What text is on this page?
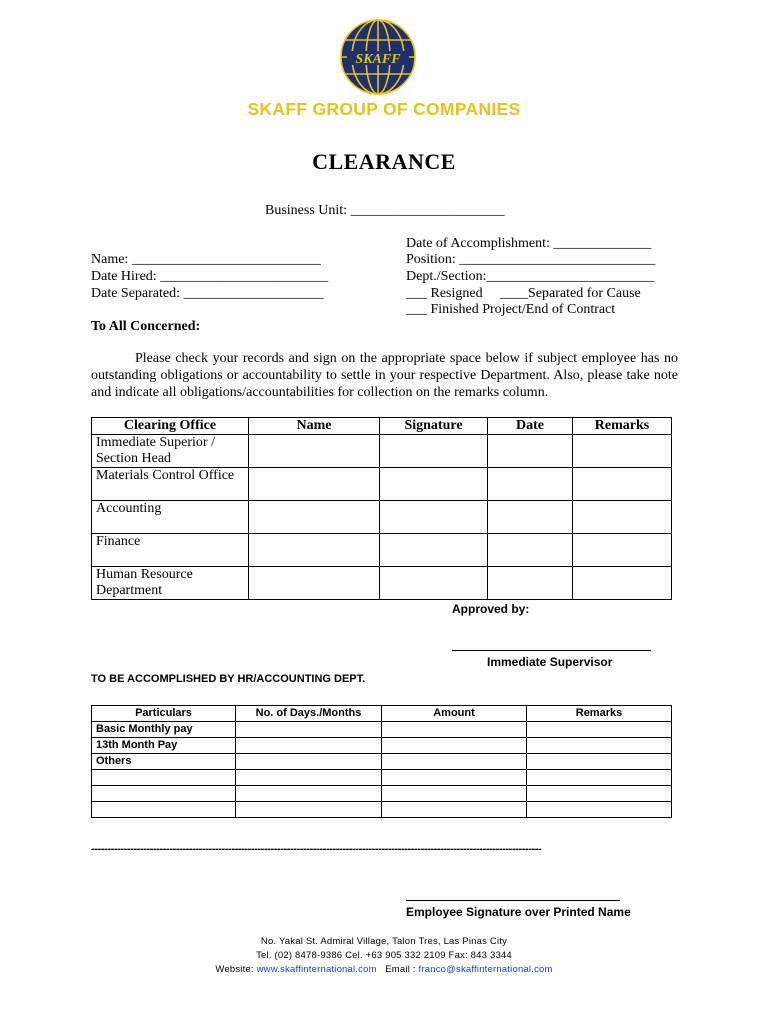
SKAFF
SKAFF GROUP OF COMPANIES
CLEARANCE
Business Unit: ______________________
Date of Accomplishment: ______________
Name: ___________________________	Position: ____________________________
Date Hired: ________________________	Dept./Section:________________________
Date Separated: ____________________	___ Resigned ____Separated for Cause
___ Finished Project/End of Contract
To All Concerned:
Please check your records and sign on the appropriate space below if subject employee has no outstanding obligations or accountability to settle in your respective Department. Also, please take note and indicate all obligations/accountabilities for collection on the remarks column.
Clearing Office	Name	Signature	Date	Remarks
Immediate Superior / Section Head				
Materials Control Office				
Accounting				
Finance				
Human Resource Department				
Approved by:
Immediate Supervisor
TO BE ACCOMPLISHED BY HR/ACCOUNTING DEPT.
Particulars	No. of Days./Months	Amount	Remarks
Basic Monthly pay			
13th Month Pay			
Others			

------------------------------------------------------------------------------------------------------------------------------------------
Employee Signature over Printed Name
No. Yakal St. Admiral Village, Talon Tres, Las Pinas City
Tel. (02) 8478-9386 Cel. +63 905 332 2109 Fax: 843 3344
Website: www.skaffinternational.com Email : franco@skaffinternational.com
